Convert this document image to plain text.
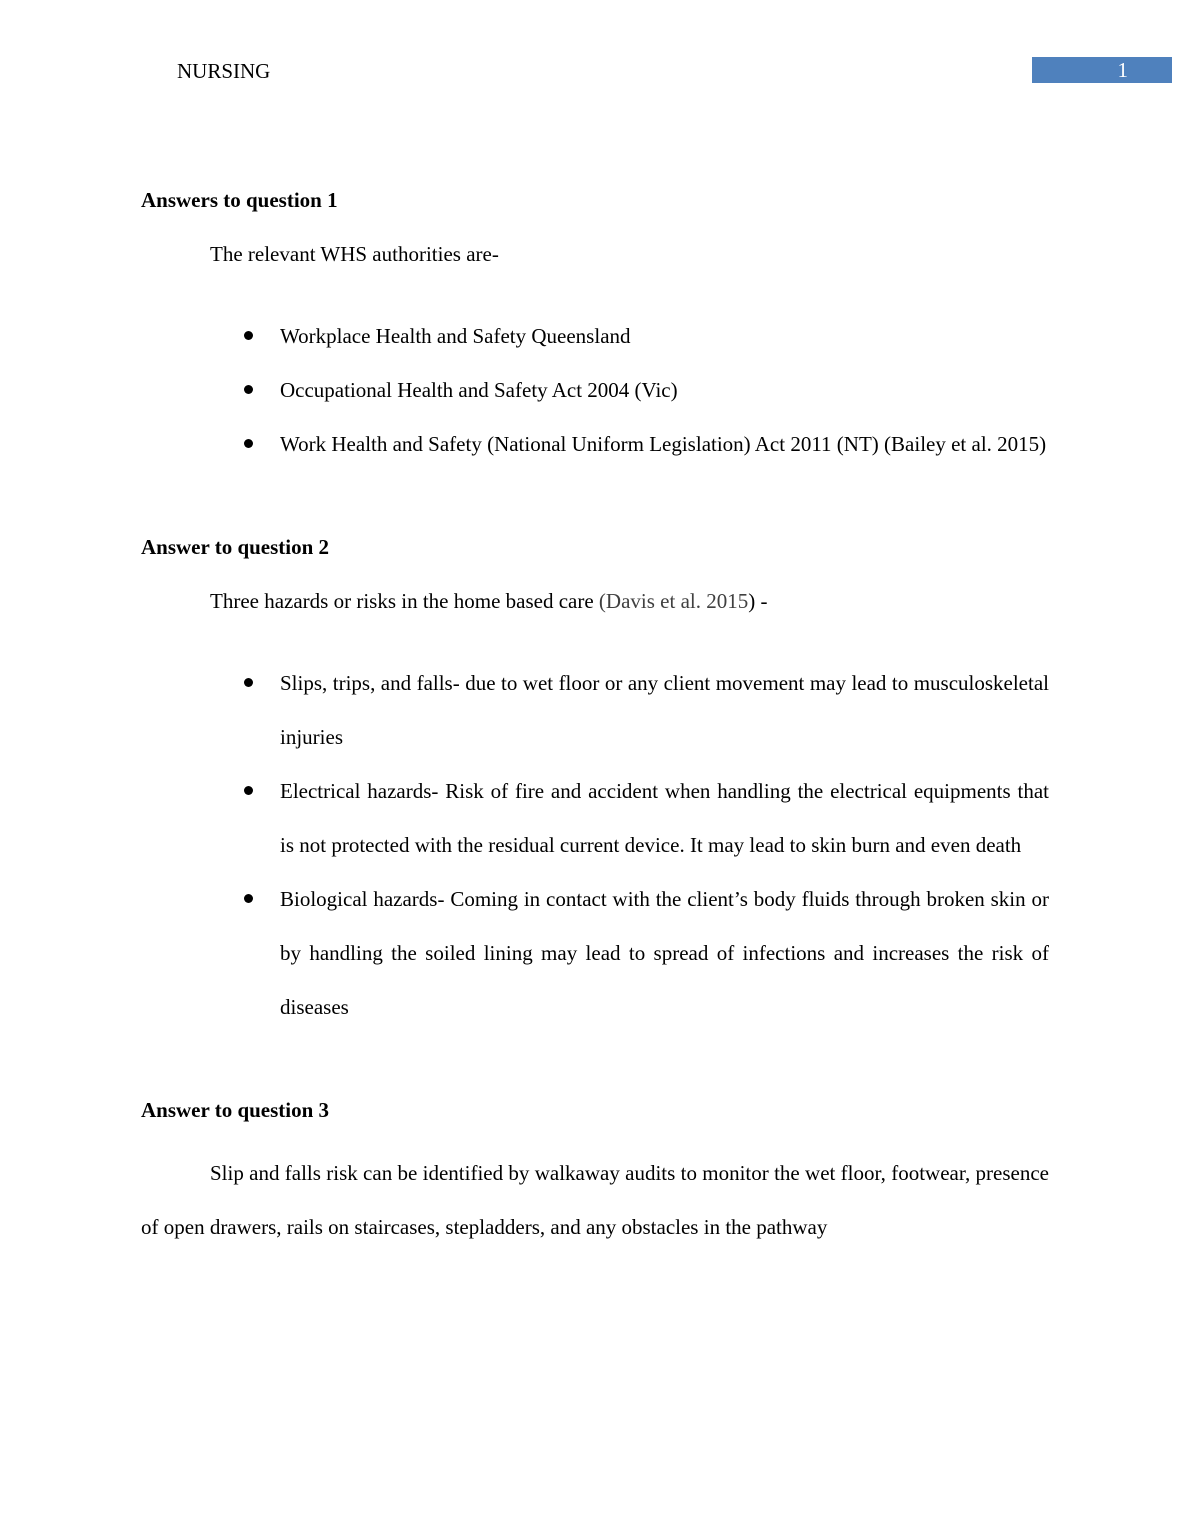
NURSING	1

Answers to question 1

The relevant WHS authorities are-

Workplace Health and Safety Queensland
Occupational Health and Safety Act 2004 (Vic)
Work Health and Safety (National Uniform Legislation) Act 2011 (NT) (Bailey et al. 2015)

Answer to question 2

Three hazards or risks in the home based care (Davis et al. 2015) -

Slips, trips, and falls- due to wet floor or any client movement may lead to musculoskeletal injuries
Electrical hazards- Risk of fire and accident when handling the electrical equipments that is not protected with the residual current device. It may lead to skin burn and even death
Biological hazards- Coming in contact with the client’s body fluids through broken skin or by handling the soiled lining may lead to spread of infections and increases the risk of diseases

Answer to question 3

Slip and falls risk can be identified by walkaway audits to monitor the wet floor, footwear, presence of open drawers, rails on staircases, stepladders, and any obstacles in the pathway
